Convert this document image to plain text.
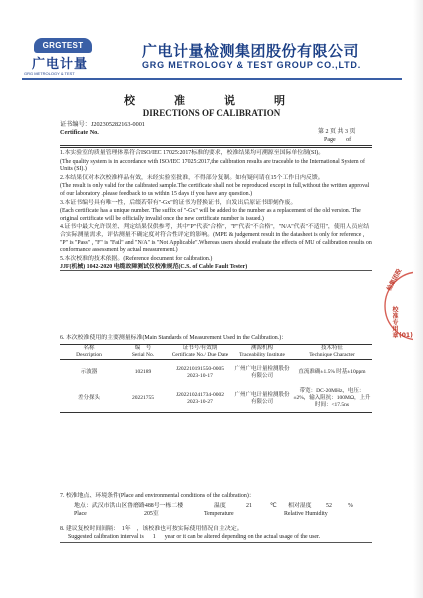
GRGTEST
广电计量
GRG METROLOGY & TEST
广电计量检测集团股份有限公司
GRG METROLOGY & TEST GROUP CO.,LTD.
校　准　说　明
DIRECTIONS OF CALIBRATION
证书编号：J202305282163-0001
Certificate No.	第 2 页 共 3 页
Page       of

1.本实验室的质量管理体系符合ISO/IEC 17025:2017标准的要求，校准结果均可溯源至国际单位制(SI)。

(The quality system is in accordance with ISO/IEC 17025:2017,the calibration results are traceable to the International System of Units (SI).)

2.本结果仅对本次校准样品有效，未经实验室批准，不得部分复制。如有疑问请在15个工作日内反馈。

(The result is only valid for the calibrated sample.The certificate shall not be reproduced except in full,without the written approval of our laboratory .please feedback to us within 15 days if you have any question.)

3.本证书编号具有唯一性，后缀若带有"-Gx"的证书为替换证书，自发出后原证书即刻作废。

(Each certificate has a unique number. The suffix of "-Gx" will be added to the number as a replacement of the old version. The original certificate will be officially invalid once the new certificate number is issued.)

4.证书中最大允许误差、判定结果仅供参考，其中"P"代表"合格"，"F"代表"不合格"，"N/A"代表"不适用"，使用人员应结合实际测量需求，评估测量不确定度对符合性评定的影响。(MPE & judgement result in the datasheet is only for reference , "P" is "Pass" , "F" is "Fail" and "N/A" is "Not Applicable".Whereas users should evaluate the effects of MU of calibration results on conformance assessment by actual measurement.)

5.本次校准的技术依据。(Reference document for calibration.)

JJF(机械) 1042-2020 电缆故障测试仪校准规范(C.S. of Cable Fault Tester)

检集团股
校准专用章 (01)
6. 本次校准使用的主要测量标准(Main Standards of Measurement Used in the Calibration.)：
名称	编　号	证书号/有效期	溯源机构	技术特征
Description	Serial No.	Certificate No./ Due Date	Traceability Institute	Technique Character
示波器	102189	J202210191550-0005 2023-10-17	广州广电计量检测股份有限公司	直流准确±1.5% 时基±10ppm
差分探头	20221755	J202210241734-0002 2023-10-27	广州广电计量检测股份有限公司	带宽：DC-20MHz，电压：±2%，输入阻抗：100MΩ，上升时间：<17.5ns
7. 校准地点、环境条件(Place and environmental conditions of the calibration)：
地点
Place
：武汉市洪山区鲁磨路488号一栋二楼
205室
温度
Temperature
21	℃ 相对湿度
Relative Humidity
52	%
8. 建议复校时间间隔：　1年　，该校准也可按实际使用情况自主决定。
Suggested calibration interval is 1 year or it can be altered depending on the actual usage of the user.
